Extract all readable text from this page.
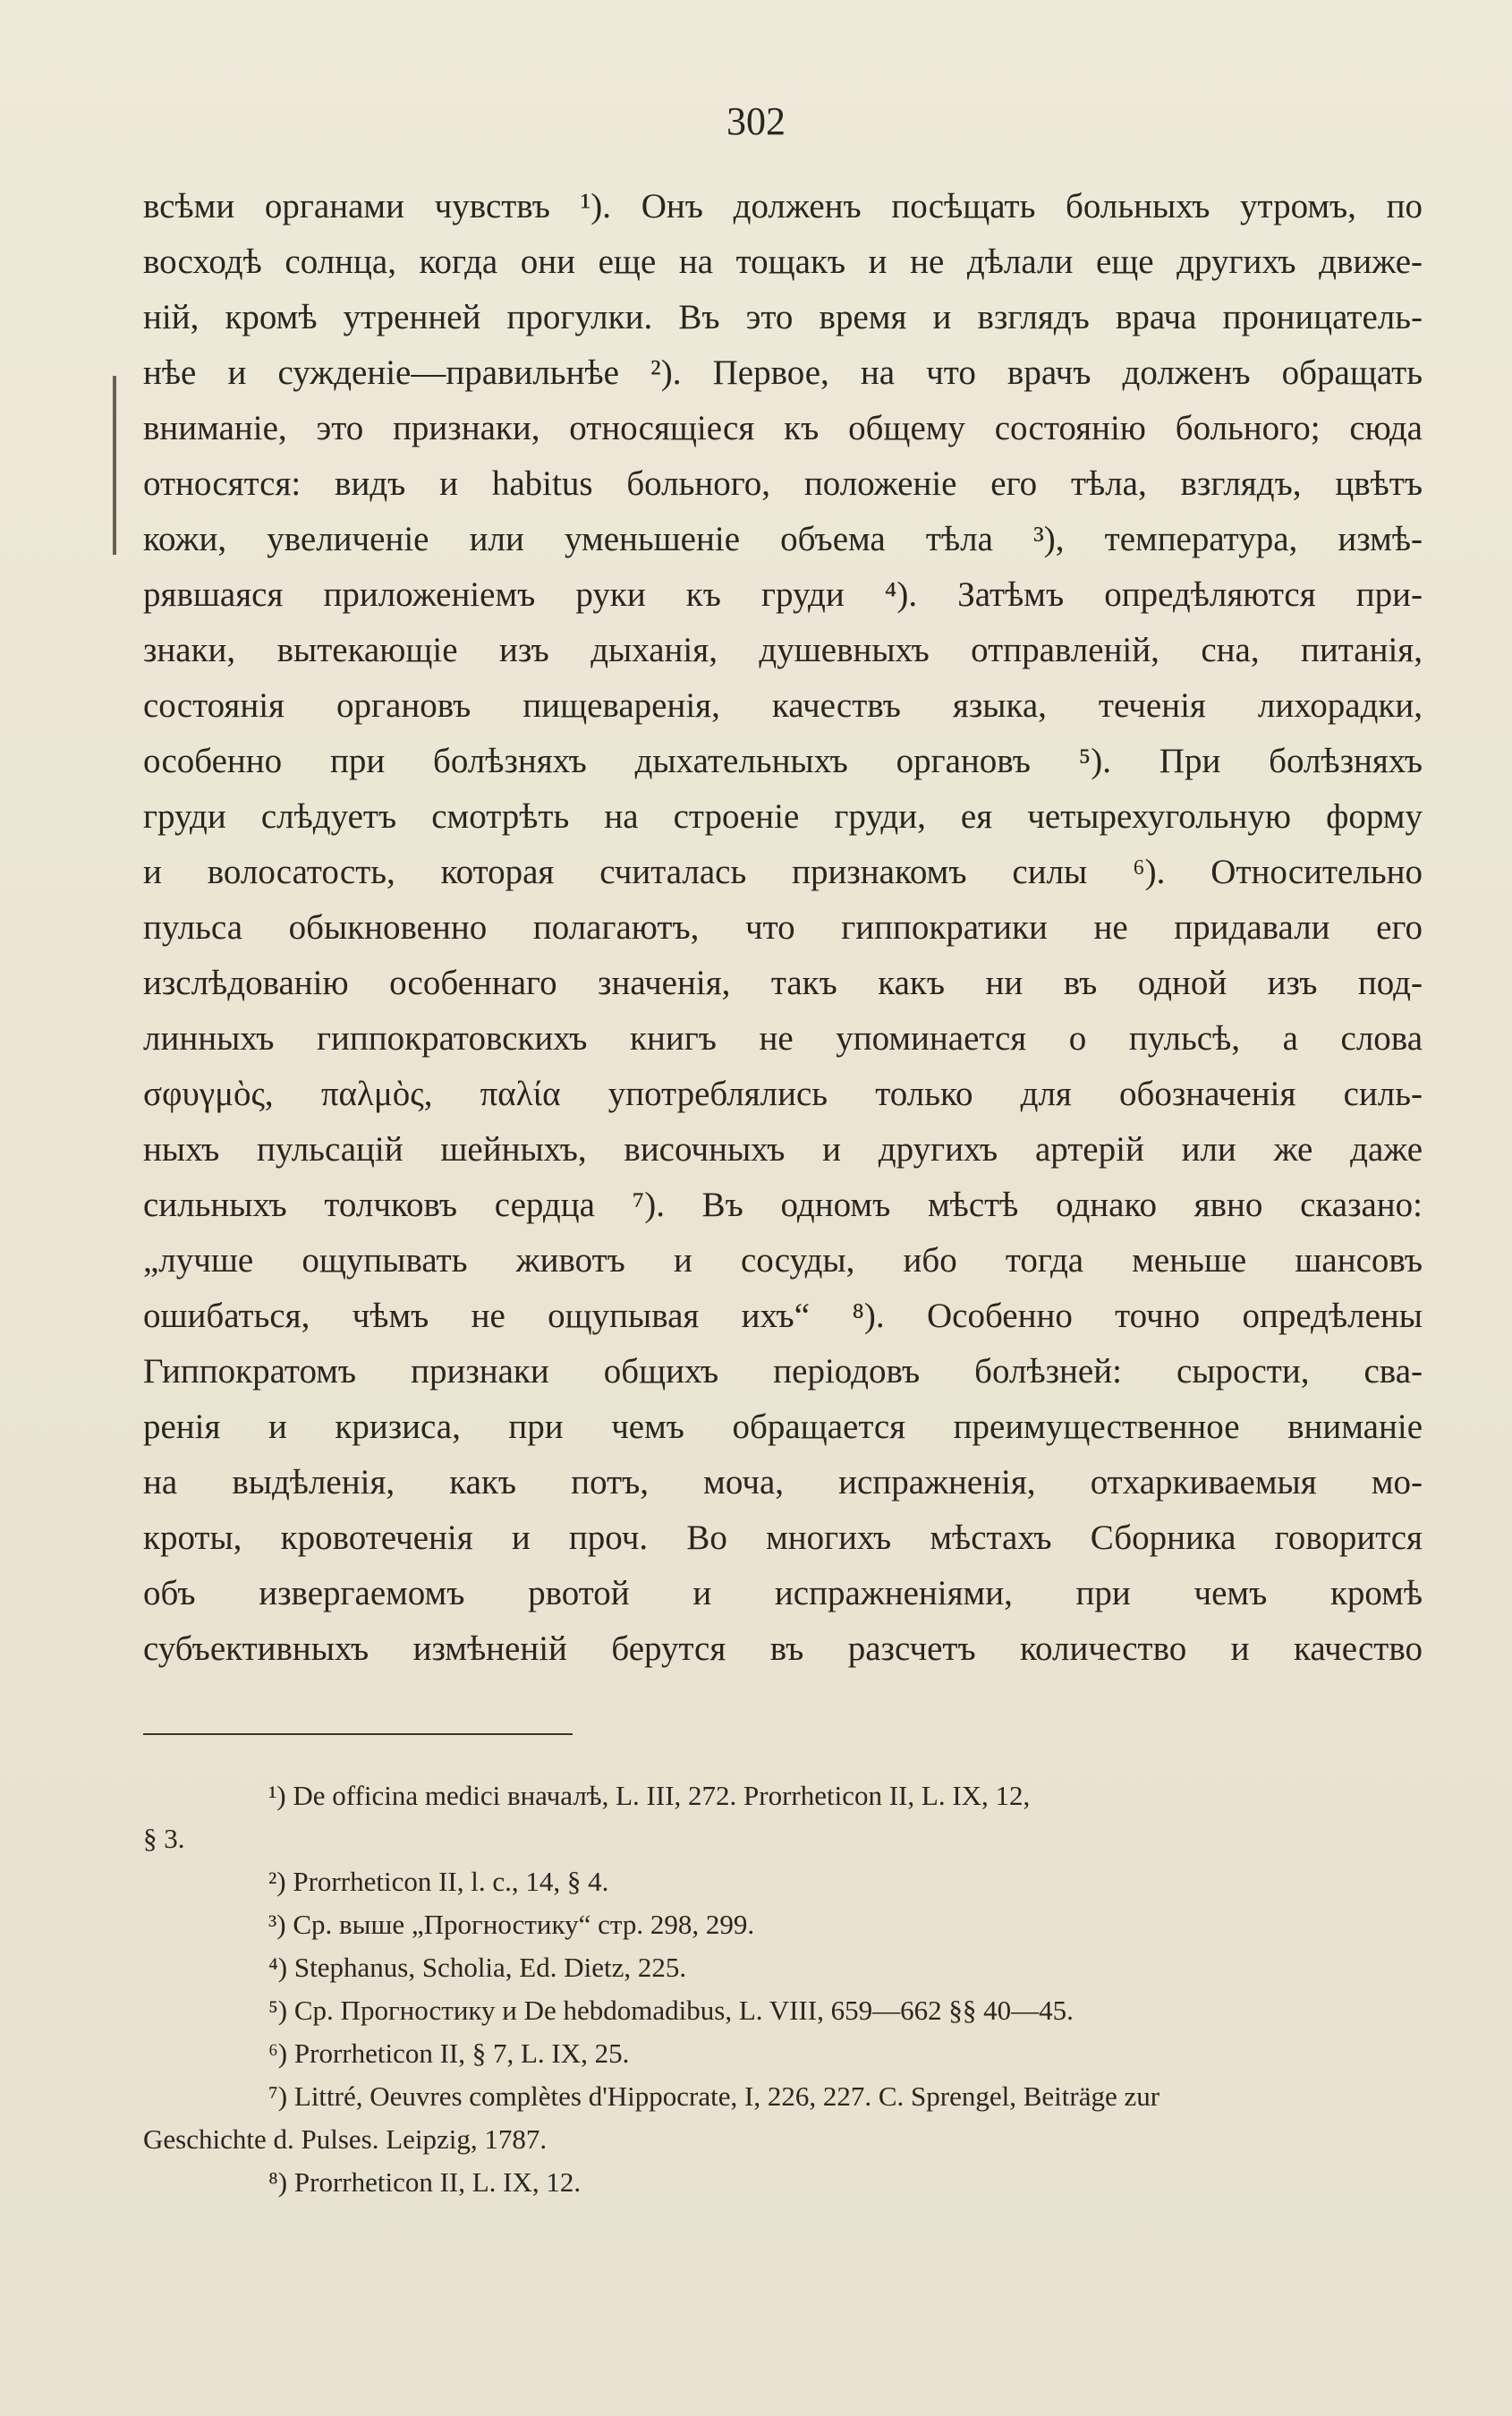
302
всѣми органами чувствъ ¹). Онъ долженъ посѣщать больныхъ утромъ, по
восходѣ солнца, когда они еще на тощакъ и не дѣлали еще другихъ движе-
ній, кромѣ утренней прогулки. Въ это время и взглядъ врача проницатель-
нѣе и сужденіе—правильнѣе ²). Первое, на что врачъ долженъ обращать
вниманіе, это признаки, относящіеся къ общему состоянію больного; сюда
относятся: видъ и habitus больного, положеніе его тѣла, взглядъ, цвѣтъ
кожи, увеличеніе или уменьшеніе объема тѣла ³), температура, измѣ-
рявшаяся приложеніемъ руки къ груди ⁴). Затѣмъ опредѣляются при-
знаки, вытекающіе изъ дыханія, душевныхъ отправленій, сна, питанія,
состоянія органовъ пищеваренія, качествъ языка, теченія лихорадки,
особенно при болѣзняхъ дыхательныхъ органовъ ⁵). При болѣзняхъ
груди слѣдуетъ смотрѣть на строеніе груди, ея четырехугольную форму
и волосатость, которая считалась признакомъ силы ⁶). Относительно
пульса обыкновенно полагаютъ, что гиппократики не придавали его
изслѣдованію особеннаго значенія, такъ какъ ни въ одной изъ под-
линныхъ гиппократовскихъ книгъ не упоминается о пульсѣ, а слова
σφυγμὸς, παλμὸς, παλία употреблялись только для обозначенія силь-
ныхъ пульсацій шейныхъ, височныхъ и другихъ артерій или же даже
сильныхъ толчковъ сердца ⁷). Въ одномъ мѣстѣ однако явно сказано:
„лучше ощупывать животъ и сосуды, ибо тогда меньше шансовъ
ошибаться, чѣмъ не ощупывая ихъ“ ⁸). Особенно точно опредѣлены
Гиппократомъ признаки общихъ періодовъ болѣзней: сырости, сва-
ренія и кризиса, при чемъ обращается преимущественное вниманіе
на выдѣленія, какъ потъ, моча, испражненія, отхаркиваемыя мо-
кроты, кровотеченія и проч. Во многихъ мѣстахъ Сборника говорится
объ извергаемомъ рвотой и испражненіями, при чемъ кромѣ
субъективныхъ измѣненій берутся въ разсчетъ количество и качество
¹) De officina medici вначалѣ, L. III, 272. Prorrheticon II, L. IX, 12,
§ 3.
²) Prorrheticon II, l. c., 14, § 4.
³) Ср. выше „Прогностику“ стр. 298, 299.
⁴) Stephanus, Scholia, Ed. Dietz, 225.
⁵) Ср. Прогностику и De hebdomadibus, L. VIII, 659—662 §§ 40—45.
⁶) Prorrheticon II, § 7, L. IX, 25.
⁷) Littré, Oeuvres complètes d'Hippocrate, I, 226, 227. C. Sprengel, Beiträge zur
Geschichte d. Pulses. Leipzig, 1787.
⁸) Prorrheticon II, L. IX, 12.
